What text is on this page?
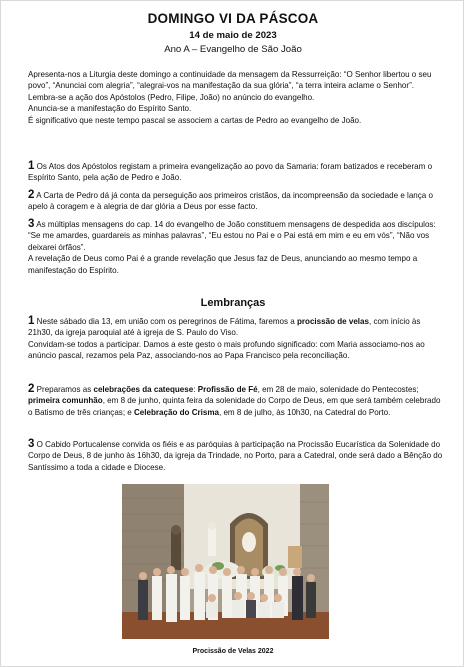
DOMINGO VI DA PÁSCOA
14 de maio de 2023
Ano A – Evangelho de São João

Apresenta-nos a Liturgia deste domingo a continuidade da mensagem da Ressurreição: “O Senhor libertou o seu povo”, “Anunciai com alegria”, “alegrai-vos na manifestação da sua glória”, “a terra inteira aclame o Senhor”. Lembra-se a ação dos Apóstolos (Pedro, Filipe, João) no anúncio do evangelho.

Anuncia-se a manifestação do Espírito Santo.

É significativo que neste tempo pascal se associem a cartas de Pedro ao evangelho de João.

1 Os Atos dos Apóstolos registam a primeira evangelização ao povo da Samaria: foram batizados e receberam o Espírito Santo, pela ação de Pedro e João.

2 A Carta de Pedro dá já conta da perseguição aos primeiros cristãos, da incompreensão da sociedade e lança o apelo à coragem e à alegria de dar glória a Deus por esse facto.

3 As múltiplas mensagens do cap. 14 do evangelho de João constituem mensagens de despedida aos discípulos: “Se me amardes, guardareis as minhas palavras”, “Eu estou no Pai e o Pai está em mim e eu em vós”, “Não vos deixarei órfãos”.

A revelação de Deus como Pai é a grande revelação que Jesus faz de Deus, anunciando ao mesmo tempo a manifestação do Espírito.

Lembranças

1 Neste sábado dia 13, em união com os peregrinos de Fátima, faremos a procissão de velas, com início às 21h30, da igreja paroquial até à igreja de S. Paulo do Viso.

Convidam-se todos a participar. Damos a este gesto o mais profundo significado: com Maria associamo-nos ao anúncio pascal, rezamos pela Paz, associando-nos ao Papa Francisco pela reconciliação.

2 Preparamos as celebrações da catequese: Profissão de Fé, em 28 de maio, solenidade do Pentecostes; primeira comunhão, em 8 de junho, quinta feira da solenidade do Corpo de Deus, em que será também celebrado o Batismo de três crianças; e Celebração do Crisma, em 8 de julho, às 10h30, na Catedral do Porto.

3 O Cabido Portucalense convida os fiéis e as paróquias à participação na Procissão Eucarística da Solenidade do Corpo de Deus, 8 de junho às 16h30, da igreja da Trindade, no Porto, para a Catedral, onde será dado a Bênção do Santíssimo a toda a cidade e Diocese.

Procissão de Velas 2022
